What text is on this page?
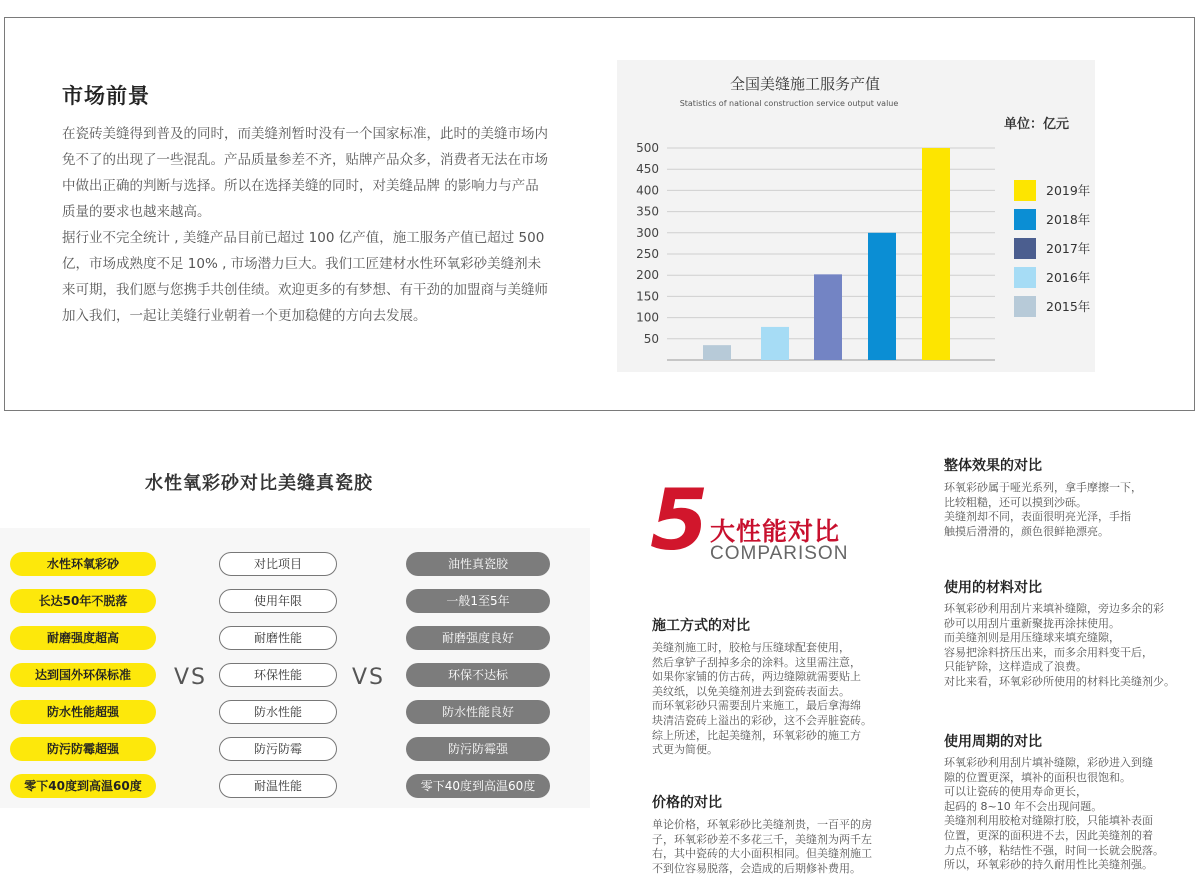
市场前景

在瓷砖美缝得到普及的同时，而美缝剂暂时没有一个国家标准，此时的美缝市场内免不了的出现了一些混乱。产品质量参差不齐，贴牌产品众多，消费者无法在市场中做出正确的判断与选择。所以在选择美缝的同时，对美缝品牌 的影响力与产品质量的要求也越来越高。

据行业不完全统计 , 美缝产品目前已超过 100 亿产值，施工服务产值已超过 500 亿，市场成熟度不足 10% , 市场潜力巨大。我们工匠建材水性环氧彩砂美缝剂未来可期，我们愿与您携手共创佳绩。欢迎更多的有梦想、有干劲的加盟商与美缝师加入我们，一起让美缝行业朝着一个更加稳健的方向去发展。

全国美缝施工服务产值
Statistics of national construction service output value
单位：亿元
50
100
150
200
250
300
350
400
450
500
2019年
2018年
2017年
2016年
2015年
水性氧彩砂对比美缝真瓷胶
水性环氧彩砂
长达50年不脱落
耐磨强度超高
达到国外环保标准
防水性能超强
防污防霉超强
零下40度到高温60度
对比项目
使用年限
耐磨性能
环保性能
防水性能
防污防霉
耐温性能
油性真瓷胶
一般1至5年
耐磨强度良好
环保不达标
防水性能良好
防污防霉强
零下40度到高温60度
VS	VS
5 大性能对比
COMPARISON
施工方式的对比

美缝剂施工时，胶枪与压缝球配套使用，

然后拿铲子刮掉多余的涂料。这里需注意，

如果你家铺的仿古砖，两边缝隙就需要贴上

美纹纸，以免美缝剂进去到瓷砖表面去。

而环氧彩砂只需要刮片来施工，最后拿海绵

块清洁瓷砖上溢出的彩砂，这不会弄脏瓷砖。

综上所述，比起美缝剂，环氧彩砂的施工方

式更为简便。

价格的对比

单论价格，环氧彩砂比美缝剂贵，一百平的房

子，环氧彩砂差不多花三千，美缝剂为两千左

右，其中瓷砖的大小面积相同。但美缝剂施工

不到位容易脱落，会造成的后期修补费用。

整体效果的对比

环氧彩砂属于哑光系列，拿手摩擦一下，

比较粗糙，还可以摸到沙砾。

美缝剂却不同，表面很明亮光泽，手指

触摸后滑滑的，颜色很鲜艳漂亮。

使用的材料对比

环氧彩砂利用刮片来填补缝隙，旁边多余的彩

砂可以用刮片重新聚拢再涂抹使用。

而美缝剂则是用压缝球来填充缝隙，

容易把涂料挤压出来，而多余用料变干后，

只能铲除，这样造成了浪费。

对比来看，环氧彩砂所使用的材料比美缝剂少。

使用周期的对比

环氧彩砂利用刮片填补缝隙，彩砂进入到缝

隙的位置更深，填补的面积也很饱和。

可以让瓷砖的使用寿命更长，

起码的 8~10 年不会出现问题。

美缝剂利用胶枪对缝隙打胶，只能填补表面

位置，更深的面积进不去，因此美缝剂的着

力点不够，粘结性不强，时间一长就会脱落。

所以，环氧彩砂的持久耐用性比美缝剂强。
